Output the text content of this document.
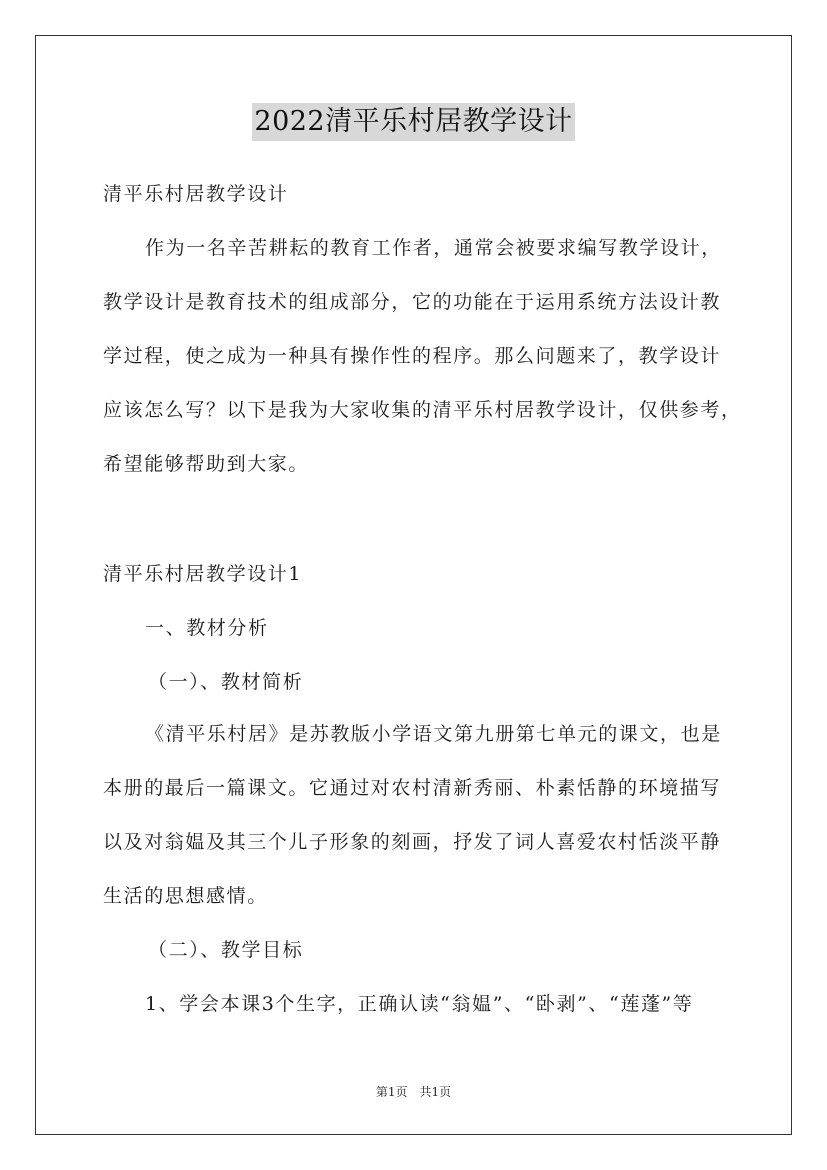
2022清平乐村居教学设计
清平乐村居教学设计
作为一名辛苦耕耘的教育工作者，通常会被要求编写教学设计，
教学设计是教育技术的组成部分，它的功能在于运用系统方法设计教
学过程，使之成为一种具有操作性的程序。那么问题来了，教学设计
应该怎么写？以下是我为大家收集的清平乐村居教学设计，仅供参考，
希望能够帮助到大家。
清平乐村居教学设计1
一、教材分析
（一）、教材简析
《清平乐村居》是苏教版小学语文第九册第七单元的课文，也是
本册的最后一篇课文。它通过对农村清新秀丽、朴素恬静的环境描写
以及对翁媪及其三个儿子形象的刻画，抒发了词人喜爱农村恬淡平静
生活的思想感情。
（二）、教学目标
1、学会本课3个生字，正确认读“翁媪”、“卧剥”、“莲蓬”等
第1页　共1页
